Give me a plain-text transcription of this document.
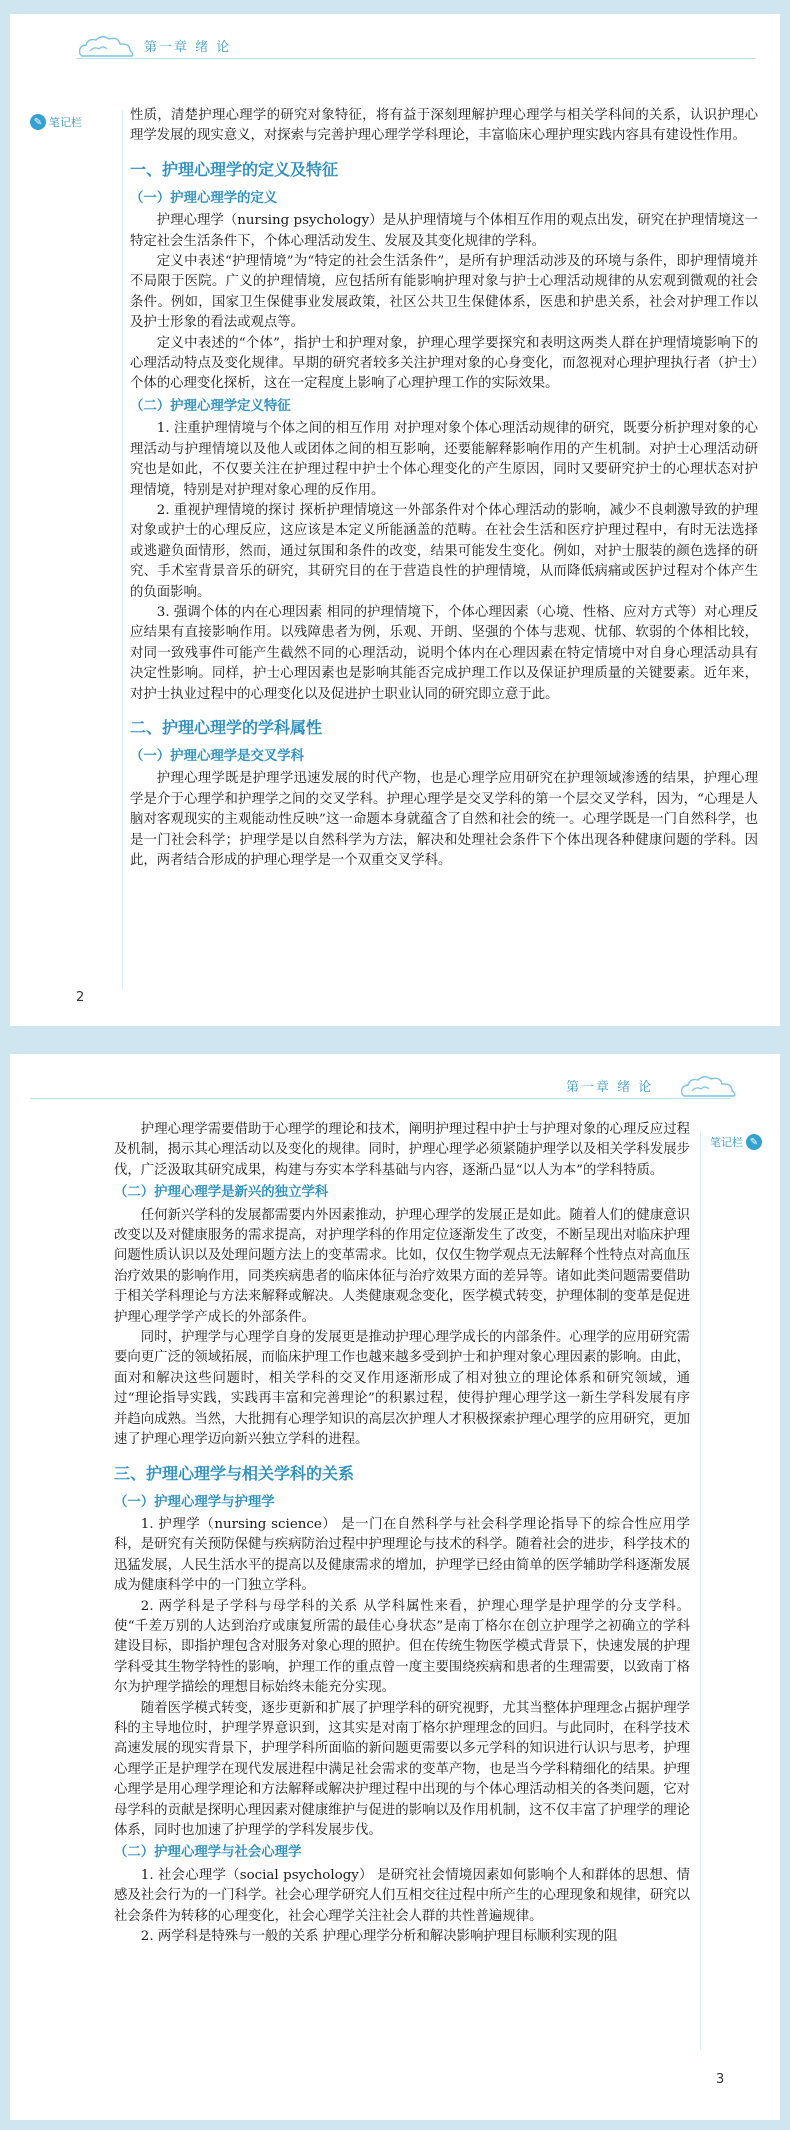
第一章 绪 论
✎ 笔记栏	性质，清楚护理心理学的研究对象特征，将有益于深刻理解护理心理学与相关学科间的关系，认识护理心理学发展的现实意义，对探索与完善护理心理学学科理论，丰富临床心理护理实践内容具有建设性作用。

一、护理心理学的定义及特征
（一）护理心理学的定义

护理心理学（nursing psychology）是从护理情境与个体相互作用的观点出发，研究在护理情境这一特定社会生活条件下，个体心理活动发生、发展及其变化规律的学科。

定义中表述“护理情境”为“特定的社会生活条件”，是所有护理活动涉及的环境与条件，即护理情境并不局限于医院。广义的护理情境，应包括所有能影响护理对象与护士心理活动规律的从宏观到微观的社会条件。例如，国家卫生保健事业发展政策，社区公共卫生保健体系，医患和护患关系，社会对护理工作以及护士形象的看法或观点等。

定义中表述的“个体”，指护士和护理对象，护理心理学要探究和表明这两类人群在护理情境影响下的心理活动特点及变化规律。早期的研究者较多关注护理对象的心身变化，而忽视对心理护理执行者（护士）个体的心理变化探析，这在一定程度上影响了心理护理工作的实际效果。

（二）护理心理学定义特征

1. 注重护理情境与个体之间的相互作用 对护理对象个体心理活动规律的研究，既要分析护理对象的心理活动与护理情境以及他人或团体之间的相互影响，还要能解释影响作用的产生机制。对护士心理活动研究也是如此，不仅要关注在护理过程中护士个体心理变化的产生原因，同时又要研究护士的心理状态对护理情境，特别是对护理对象心理的反作用。

2. 重视护理情境的探讨 探析护理情境这一外部条件对个体心理活动的影响，减少不良刺激导致的护理对象或护士的心理反应，这应该是本定义所能涵盖的范畴。在社会生活和医疗护理过程中，有时无法选择或逃避负面情形，然而，通过氛围和条件的改变，结果可能发生变化。例如，对护士服装的颜色选择的研究、手术室背景音乐的研究，其研究目的在于营造良性的护理情境，从而降低病痛或医护过程对个体产生的负面影响。

3. 强调个体的内在心理因素 相同的护理情境下，个体心理因素（心境、性格、应对方式等）对心理反应结果有直接影响作用。以残障患者为例，乐观、开朗、坚强的个体与悲观、忧郁、软弱的个体相比较，对同一致残事件可能产生截然不同的心理活动，说明个体内在心理因素在特定情境中对自身心理活动具有决定性影响。同样，护士心理因素也是影响其能否完成护理工作以及保证护理质量的关键要素。近年来，对护士执业过程中的心理变化以及促进护士职业认同的研究即立意于此。

二、护理心理学的学科属性
（一）护理心理学是交叉学科

护理心理学既是护理学迅速发展的时代产物，也是心理学应用研究在护理领域渗透的结果，护理心理学是介于心理学和护理学之间的交叉学科。护理心理学是交叉学科的第一个层交叉学科，因为，“心理是人脑对客观现实的主观能动性反映”这一命题本身就蕴含了自然和社会的统一。心理学既是一门自然科学，也是一门社会科学；护理学是以自然科学为方法，解决和处理社会条件下个体出现各种健康问题的学科。因此，两者结合形成的护理心理学是一个双重交叉学科。

2
第一章 绪 论
笔记栏 ✎

护理心理学需要借助于心理学的理论和技术，阐明护理过程中护士与护理对象的心理反应过程及机制，揭示其心理活动以及变化的规律。同时，护理心理学必须紧随护理学以及相关学科发展步伐，广泛汲取其研究成果，构建与夯实本学科基础与内容，逐渐凸显“以人为本”的学科特质。

（二）护理心理学是新兴的独立学科

任何新兴学科的发展都需要内外因素推动，护理心理学的发展正是如此。随着人们的健康意识改变以及对健康服务的需求提高，对护理学科的作用定位逐渐发生了改变，不断呈现出对临床护理问题性质认识以及处理问题方法上的变革需求。比如，仅仅生物学观点无法解释个性特点对高血压治疗效果的影响作用，同类疾病患者的临床体征与治疗效果方面的差异等。诸如此类问题需要借助于相关学科理论与方法来解释或解决。人类健康观念变化，医学模式转变，护理体制的变革是促进护理心理学学产成长的外部条件。

同时，护理学与心理学自身的发展更是推动护理心理学成长的内部条件。心理学的应用研究需要向更广泛的领域拓展，而临床护理工作也越来越多受到护士和护理对象心理因素的影响。由此，面对和解决这些问题时，相关学科的交叉作用逐渐形成了相对独立的理论体系和研究领域，通过“理论指导实践，实践再丰富和完善理论”的积累过程，使得护理心理学这一新生学科发展有序并趋向成熟。当然，大批拥有心理学知识的高层次护理人才积极探索护理心理学的应用研究，更加速了护理心理学迈向新兴独立学科的进程。

三、护理心理学与相关学科的关系
（一）护理心理学与护理学

1. 护理学（nursing science） 是一门在自然科学与社会科学理论指导下的综合性应用学科，是研究有关预防保健与疾病防治过程中护理理论与技术的科学。随着社会的进步，科学技术的迅猛发展，人民生活水平的提高以及健康需求的增加，护理学已经由简单的医学辅助学科逐渐发展成为健康科学中的一门独立学科。

2. 两学科是子学科与母学科的关系 从学科属性来看，护理心理学是护理学的分支学科。使“千差万别的人达到治疗或康复所需的最佳心身状态”是南丁格尔在创立护理学之初确立的学科建设目标，即指护理包含对服务对象心理的照护。但在传统生物医学模式背景下，快速发展的护理学科受其生物学特性的影响，护理工作的重点曾一度主要围绕疾病和患者的生理需要，以致南丁格尔为护理学描绘的理想目标始终未能充分实现。

随着医学模式转变，逐步更新和扩展了护理学科的研究视野，尤其当整体护理理念占据护理学科的主导地位时，护理学界意识到，这其实是对南丁格尔护理理念的回归。与此同时，在科学技术高速发展的现实背景下，护理学科所面临的新问题更需要以多元学科的知识进行认识与思考，护理心理学正是护理学在现代发展进程中满足社会需求的变革产物，也是当今学科精细化的结果。护理心理学是用心理学理论和方法解释或解决护理过程中出现的与个体心理活动相关的各类问题，它对母学科的贡献是探明心理因素对健康维护与促进的影响以及作用机制，这不仅丰富了护理学的理论体系，同时也加速了护理学的学科发展步伐。

（二）护理心理学与社会心理学

1. 社会心理学（social psychology） 是研究社会情境因素如何影响个人和群体的思想、情感及社会行为的一门科学。社会心理学研究人们互相交往过程中所产生的心理现象和规律，研究以社会条件为转移的心理变化，社会心理学关注社会人群的共性普遍规律。

2. 两学科是特殊与一般的关系 护理心理学分析和解决影响护理目标顺利实现的阻

3
